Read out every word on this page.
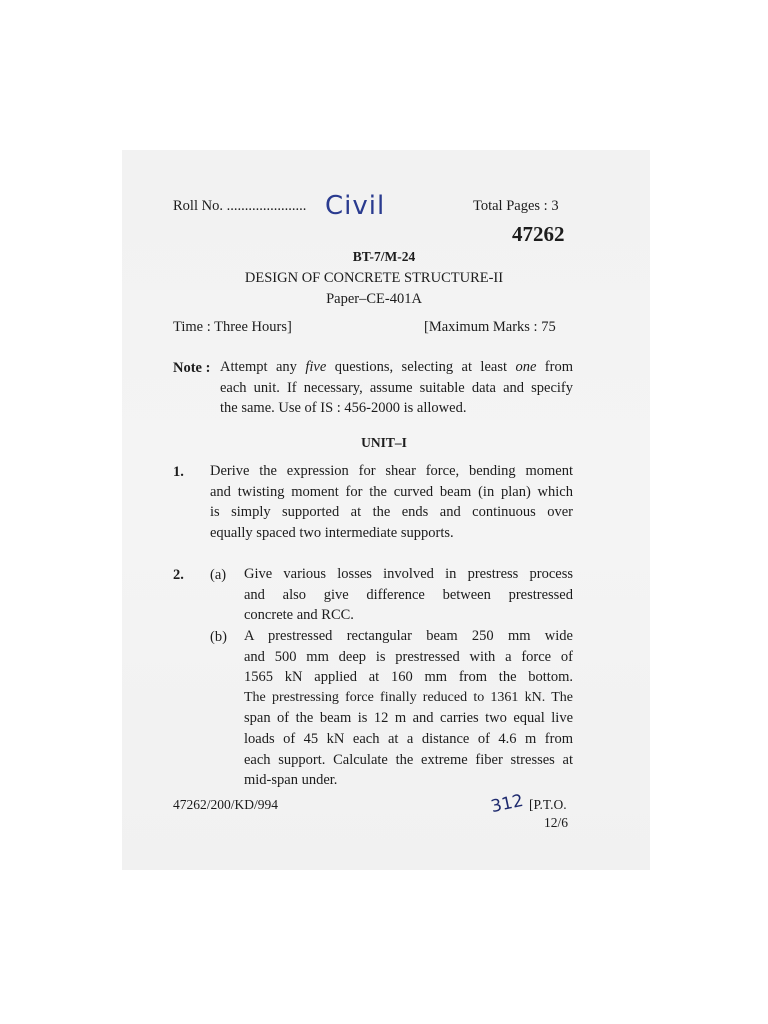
Roll No. ...................... Civil	Total Pages : 3
47262
BT-7/M-24
DESIGN OF CONCRETE STRUCTURE-II
Paper–CE-401A
Time : Three Hours]	[Maximum Marks : 75
Note : Attempt any five questions, selecting at least one from
each unit. If necessary, assume suitable data and specify
the same. Use of IS : 456-2000 is allowed.
UNIT–I
1. Derive the expression for shear force, bending moment
and twisting moment for the curved beam (in plan) which
is simply supported at the ends and continuous over
equally spaced two intermediate supports.
2. (a) Give various losses involved in prestress process
and also give difference between prestressed
concrete and RCC.
(b) A prestressed rectangular beam 250 mm wide
and 500 mm deep is prestressed with a force of
1565 kN applied at 160 mm from the bottom.
The prestressing force finally reduced to 1361 kN. The
span of the beam is 12 m and carries two equal live
loads of 45 kN each at a distance of 4.6 m from
each support. Calculate the extreme fiber stresses at
mid-span under.
47262/200/KD/994	312 [P.T.O.
12/6
